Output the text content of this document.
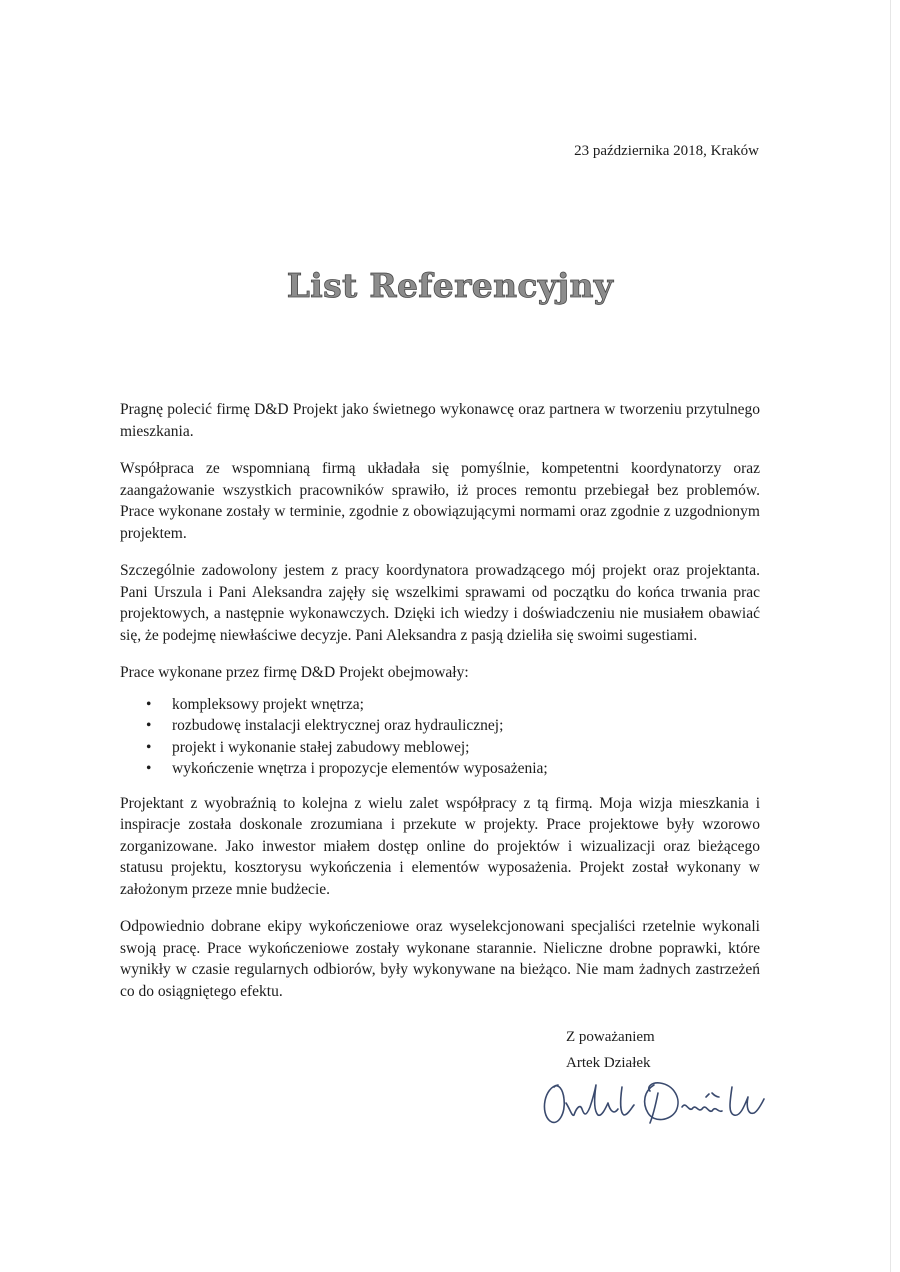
23 października 2018, Kraków
List Referencyjny

Pragnę polecić firmę D&D Projekt jako świetnego wykonawcę oraz partnera w tworzeniu przytulnego mieszkania.

Współpraca ze wspomnianą firmą układała się pomyślnie, kompetentni koordynatorzy oraz zaangażowanie wszystkich pracowników sprawiło, iż proces remontu przebiegał bez problemów. Prace wykonane zostały w terminie, zgodnie z obowiązującymi normami oraz zgodnie z uzgodnionym projektem.

Szczególnie zadowolony jestem z pracy koordynatora prowadzącego mój projekt oraz projektanta. Pani Urszula i Pani Aleksandra zajęły się wszelkimi sprawami od początku do końca trwania prac projektowych, a następnie wykonawczych. Dzięki ich wiedzy i doświadczeniu nie musiałem obawiać się, że podejmę niewłaściwe decyzje. Pani Aleksandra z pasją dzieliła się swoimi sugestiami.

Prace wykonane przez firmę D&D Projekt obejmowały:

• kompleksowy projekt wnętrza;
• rozbudowę instalacji elektrycznej oraz hydraulicznej;
• projekt i wykonanie stałej zabudowy meblowej;
• wykończenie wnętrza i propozycje elementów wyposażenia;

Projektant z wyobraźnią to kolejna z wielu zalet współpracy z tą firmą. Moja wizja mieszkania i inspiracje została doskonale zrozumiana i przekute w projekty. Prace projektowe były wzorowo zorganizowane. Jako inwestor miałem dostęp online do projektów i wizualizacji oraz bieżącego statusu projektu, kosztorysu wykończenia i elementów wyposażenia. Projekt został wykonany w założonym przeze mnie budżecie.

Odpowiednio dobrane ekipy wykończeniowe oraz wyselekcjonowani specjaliści rzetelnie wykonali swoją pracę. Prace wykończeniowe zostały wykonane starannie. Nieliczne drobne poprawki, które wynikły w czasie regularnych odbiorów, były wykonywane na bieżąco. Nie mam żadnych zastrzeżeń co do osiągniętego efektu.

Z poważaniem
Artek Działek
